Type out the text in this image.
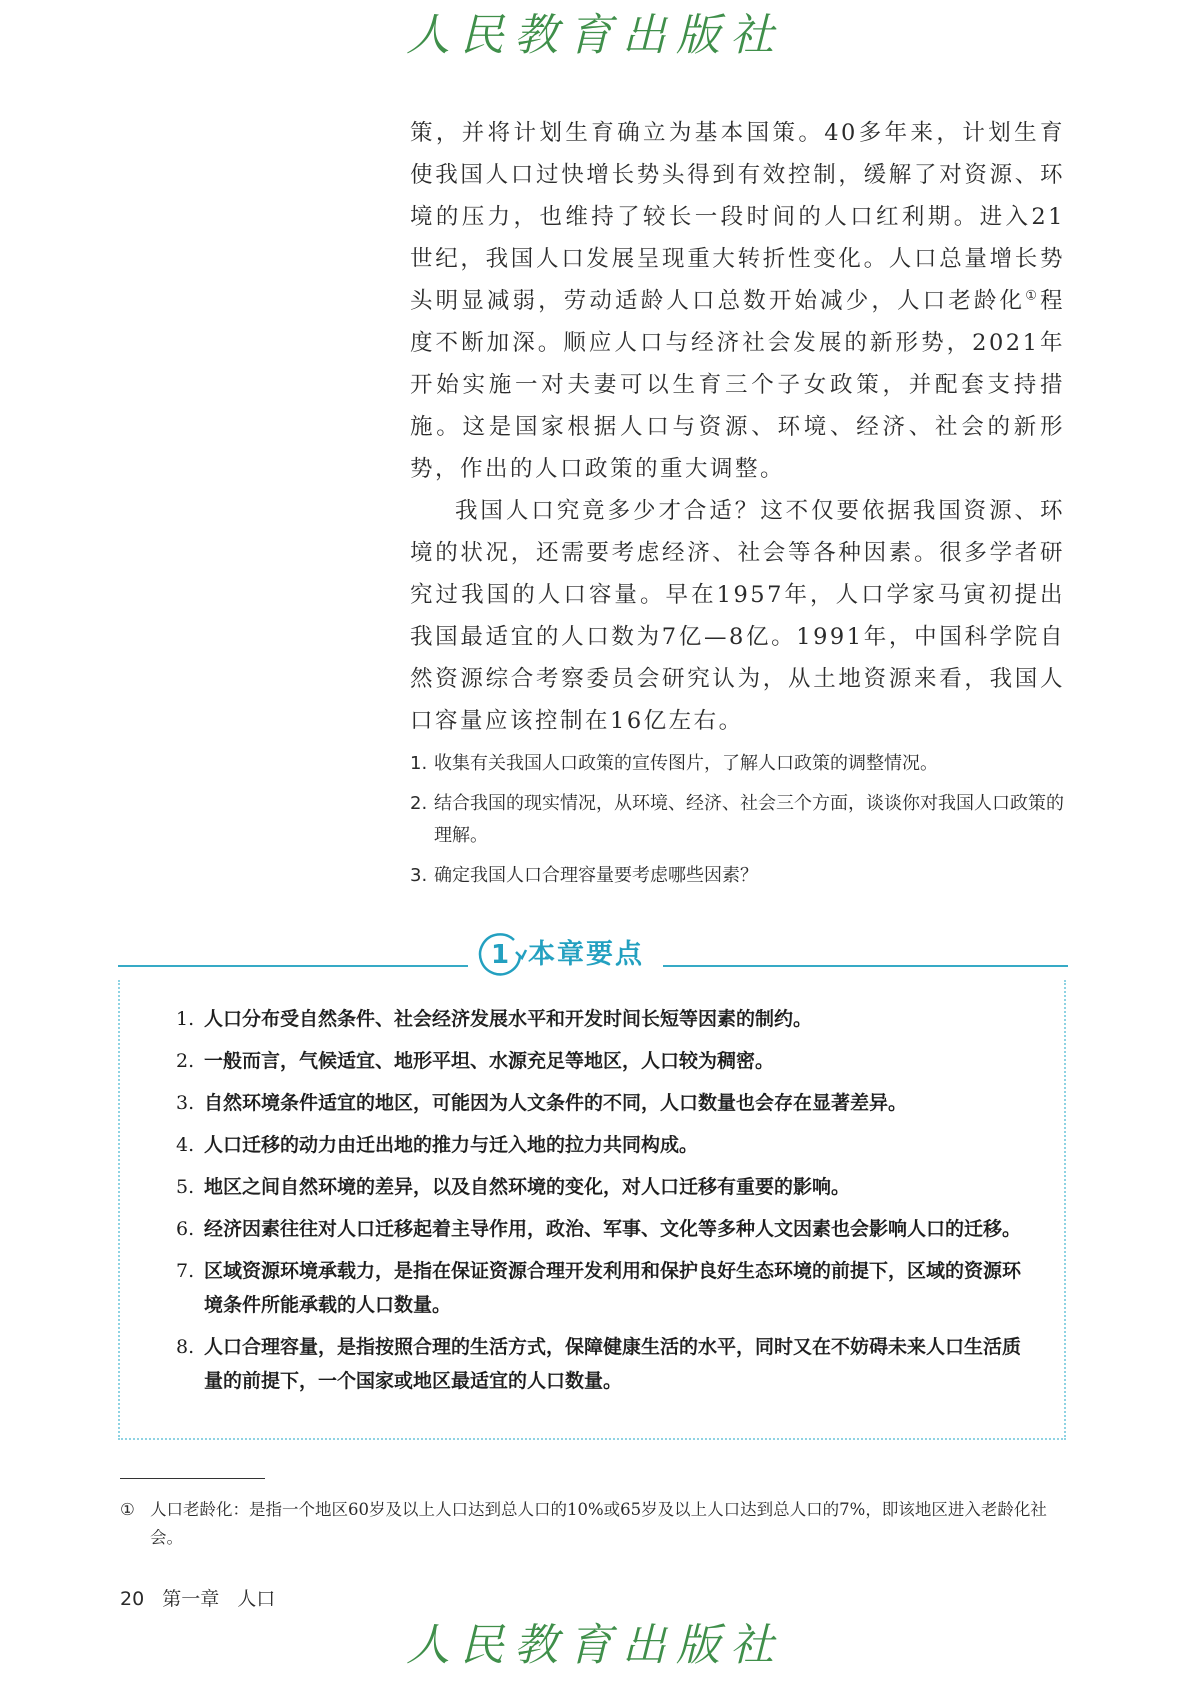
人民教育出版社

策，并将计划生育确立为基本国策。40多年来，计划生育使我国人口过快增长势头得到有效控制，缓解了对资源、环境的压力，也维持了较长一段时间的人口红利期。进入21世纪，我国人口发展呈现重大转折性变化。人口总量增长势头明显减弱，劳动适龄人口总数开始减少，人口老龄化①程度不断加深。顺应人口与经济社会发展的新形势，2021年开始实施一对夫妻可以生育三个子女政策，并配套支持措施。这是国家根据人口与资源、环境、经济、社会的新形势，作出的人口政策的重大调整。

我国人口究竟多少才合适？这不仅要依据我国资源、环境的状况，还需要考虑经济、社会等各种因素。很多学者研究过我国的人口容量。早在1957年，人口学家马寅初提出我国最适宜的人口数为7亿—8亿。1991年，中国科学院自然资源综合考察委员会研究认为，从土地资源来看，我国人口容量应该控制在16亿左右。

1. 收集有关我国人口政策的宣传图片，了解人口政策的调整情况。
2. 结合我国的现实情况，从环境、经济、社会三个方面，谈谈你对我国人口政策的理解。
3. 确定我国人口合理容量要考虑哪些因素？
1 本章要点
1. 人口分布受自然条件、社会经济发展水平和开发时间长短等因素的制约。
2. 一般而言，气候适宜、地形平坦、水源充足等地区，人口较为稠密。
3. 自然环境条件适宜的地区，可能因为人文条件的不同，人口数量也会存在显著差异。
4. 人口迁移的动力由迁出地的推力与迁入地的拉力共同构成。
5. 地区之间自然环境的差异，以及自然环境的变化，对人口迁移有重要的影响。
6. 经济因素往往对人口迁移起着主导作用，政治、军事、文化等多种人文因素也会影响人口的迁移。
7. 区域资源环境承载力，是指在保证资源合理开发利用和保护良好生态环境的前提下，区域的资源环境条件所能承载的人口数量。
8. 人口合理容量，是指按照合理的生活方式，保障健康生活的水平，同时又在不妨碍未来人口生活质量的前提下，一个国家或地区最适宜的人口数量。
① 人口老龄化：是指一个地区60岁及以上人口达到总人口的10%或65岁及以上人口达到总人口的7%，即该地区进入老龄化社会。
20 第一章 人口
人民教育出版社
